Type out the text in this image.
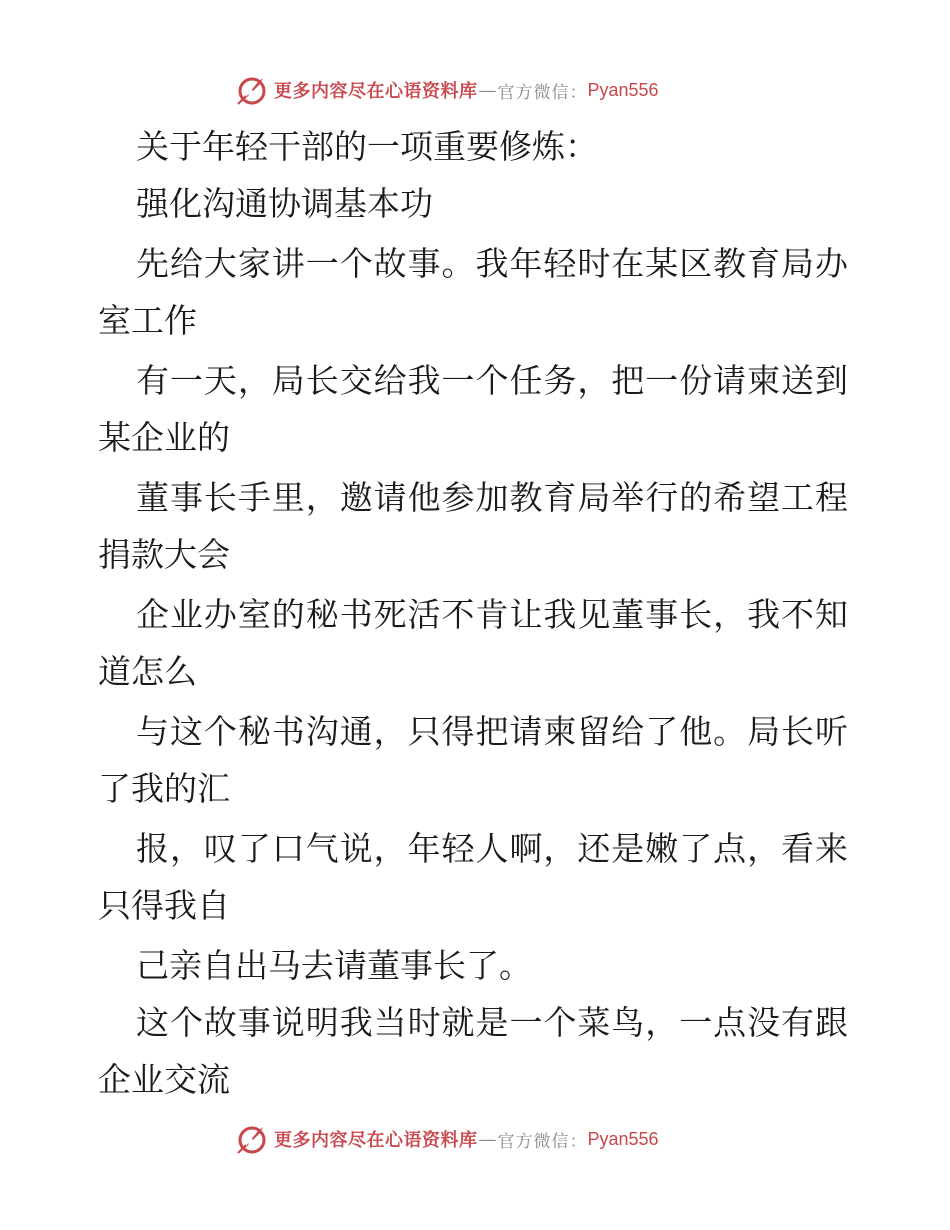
更多内容尽在心语资料库 — 官方微信： Pyan556
关于年轻干部的一项重要修炼：
强化沟通协调基本功
先给大家讲一个故事。我年轻时在某区教育局办
室工作
有一天，局长交给我一个任务，把一份请柬送到
某企业的
董事长手里，邀请他参加教育局举行的希望工程
捐款大会
企业办室的秘书死活不肯让我见董事长，我不知
道怎么
与这个秘书沟通，只得把请柬留给了他。局长听
了我的汇
报，叹了口气说，年轻人啊，还是嫩了点，看来
只得我自
己亲自出马去请董事长了。
这个故事说明我当时就是一个菜鸟，一点没有跟
企业交流
更多内容尽在心语资料库 — 官方微信： Pyan556
